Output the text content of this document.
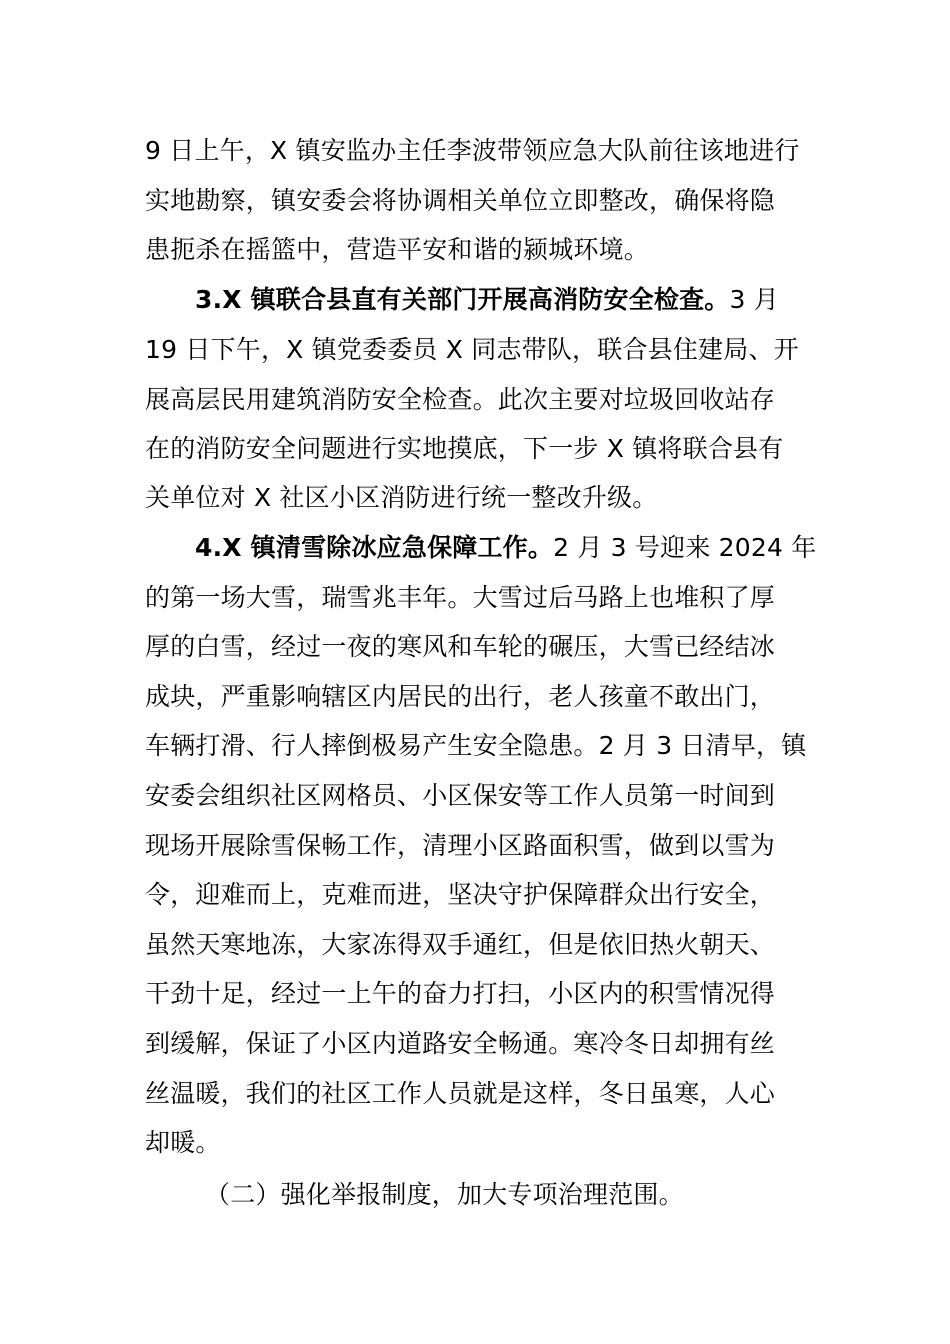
9 日上午，X 镇安监办主任李波带领应急大队前往该地进行
实地勘察，镇安委会将协调相关单位立即整改，确保将隐
患扼杀在摇篮中，营造平安和谐的颍城环境。
3.X 镇联合县直有关部门开展高消防安全检查。3 月
19 日下午，X 镇党委委员 X 同志带队，联合县住建局、开
展高层民用建筑消防安全检查。此次主要对垃圾回收站存
在的消防安全问题进行实地摸底，下一步 X 镇将联合县有
关单位对 X 社区小区消防进行统一整改升级。
4.X 镇清雪除冰应急保障工作。2 月 3 号迎来 2024 年
的第一场大雪，瑞雪兆丰年。大雪过后马路上也堆积了厚
厚的白雪，经过一夜的寒风和车轮的碾压，大雪已经结冰
成块，严重影响辖区内居民的出行，老人孩童不敢出门，
车辆打滑、行人摔倒极易产生安全隐患。2 月 3 日清早，镇
安委会组织社区网格员、小区保安等工作人员第一时间到
现场开展除雪保畅工作，清理小区路面积雪，做到以雪为
令，迎难而上，克难而进，坚决守护保障群众出行安全，
虽然天寒地冻，大家冻得双手通红，但是依旧热火朝天、
干劲十足，经过一上午的奋力打扫，小区内的积雪情况得
到缓解，保证了小区内道路安全畅通。寒冷冬日却拥有丝
丝温暖，我们的社区工作人员就是这样，冬日虽寒，人心
却暖。
（二）强化举报制度，加大专项治理范围。
